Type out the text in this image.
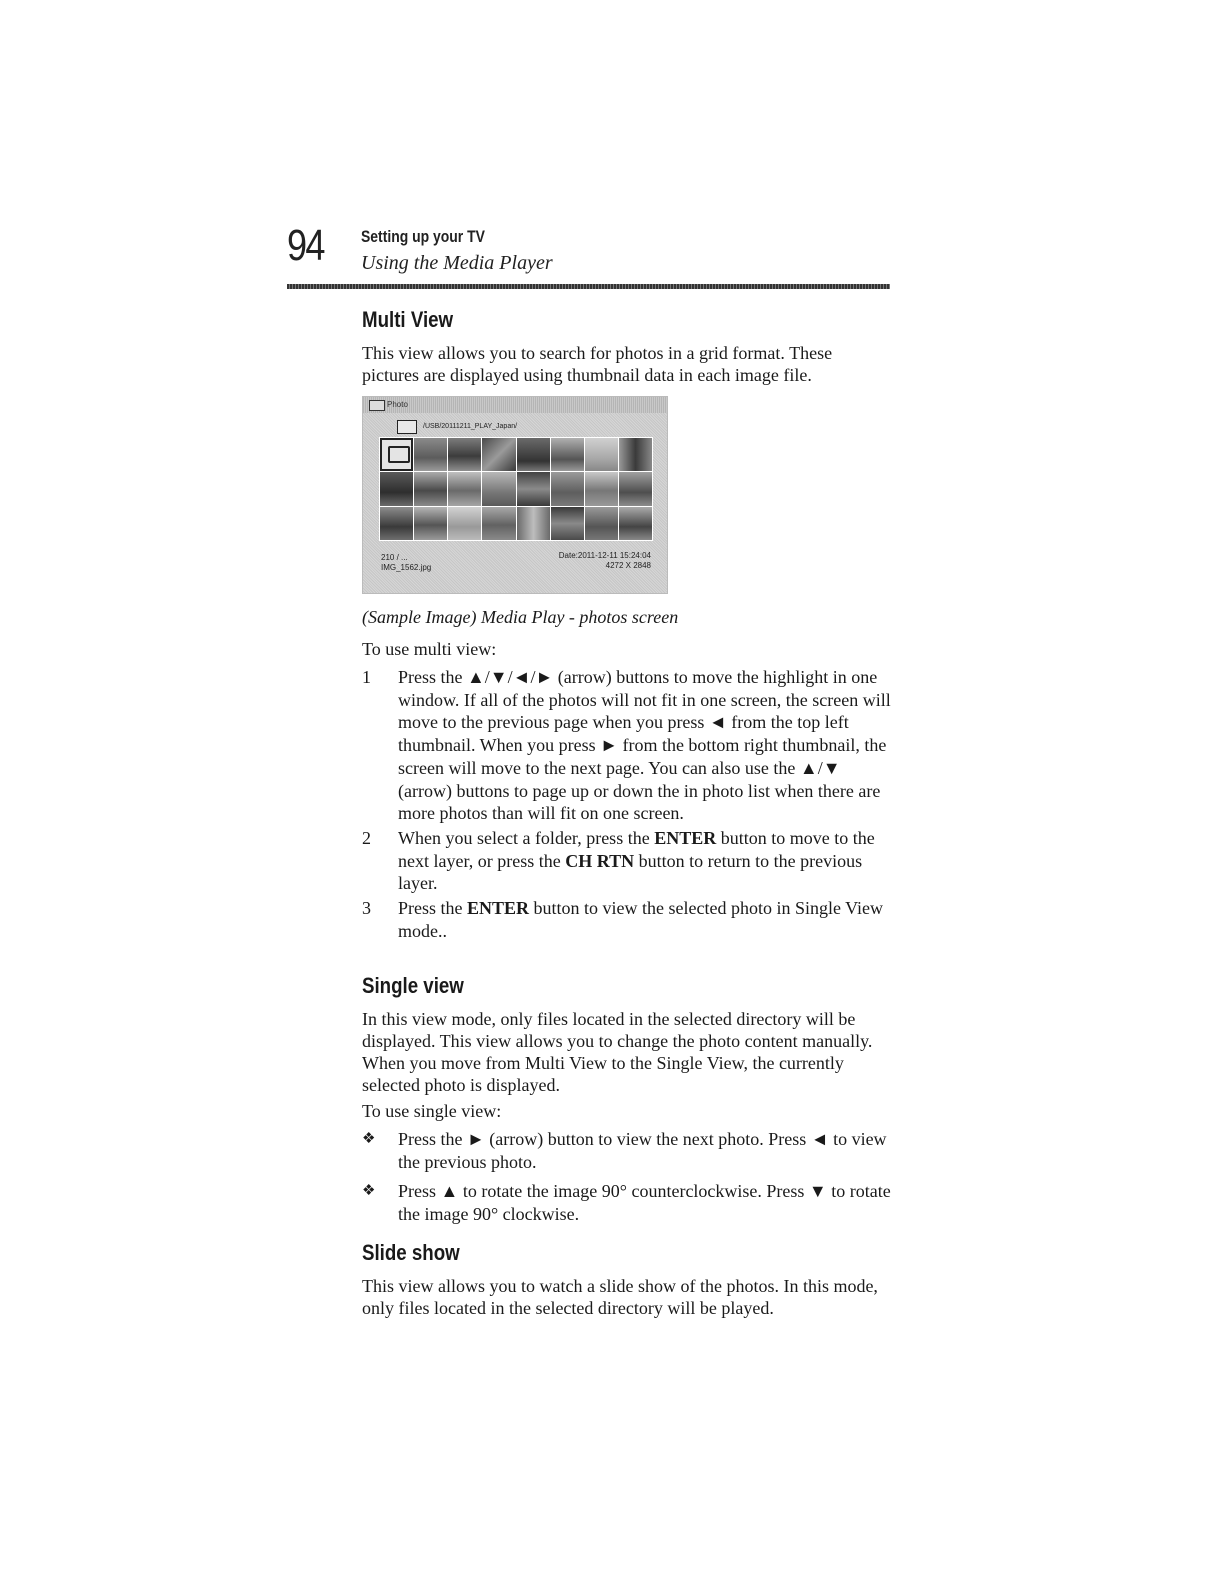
94 Setting up your TV
Using the Media Player
Multi View

This view allows you to search for photos in a grid format. These pictures are displayed using thumbnail data in each image file.

Photo
/USB/20111211_PLAY_Japan/
210 / ...
IMG_1562.jpg
Date:2011-12-11 15:24:04
4272 X 2848

(Sample Image) Media Play - photos screen

To use multi view:

1 Press the ▲/▼/◄/► (arrow) buttons to move the highlight in one window. If all of the photos will not fit in one screen, the screen will move to the previous page when you press ◄ from the top left thumbnail. When you press ► from the bottom right thumbnail, the screen will move to the next page. You can also use the ▲/▼ (arrow) buttons to page up or down the in photo list when there are more photos than will fit on one screen.
2 When you select a folder, press the ENTER button to move to the next layer, or press the CH RTN button to return to the previous layer.
3 Press the ENTER button to view the selected photo in Single View mode..
Single view

In this view mode, only files located in the selected directory will be displayed. This view allows you to change the photo content manually. When you move from Multi View to the Single View, the currently selected photo is displayed.

To use single view:

❖ Press the ► (arrow) button to view the next photo. Press ◄ to view the previous photo.
❖ Press ▲ to rotate the image 90° counterclockwise. Press ▼ to rotate the image 90° clockwise.
Slide show

This view allows you to watch a slide show of the photos. In this mode, only files located in the selected directory will be played.
